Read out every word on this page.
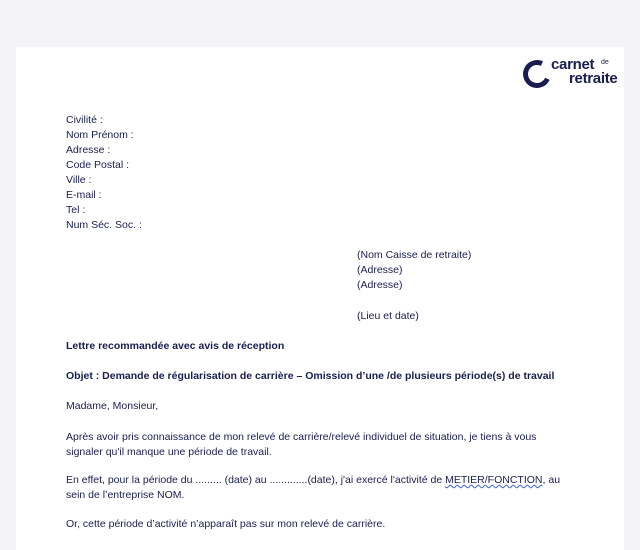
carnet de
retraite
Civilité :
Nom Prénom :
Adresse :
Code Postal :
Ville :
E-mail :
Tel :
Num Séc. Soc. :
(Nom Caisse de retraite)
(Adresse)
(Adresse)
(Lieu et date)
Lettre recommandée avec avis de réception
Objet : Demande de régularisation de carrière – Omission d’une /de plusieurs période(s) de travail
Madame, Monsieur,
Après avoir pris connaissance de mon relevé de carrière/relevé individuel de situation, je tiens à vous signaler qu'il manque une période de travail.
En effet, pour la période du ......... (date) au .............(date), j'ai exercé l'activité de METIER/FONCTION, au sein de l’entreprise NOM.
Or, cette période d’activité n’apparaît pas sur mon relevé de carrière.
